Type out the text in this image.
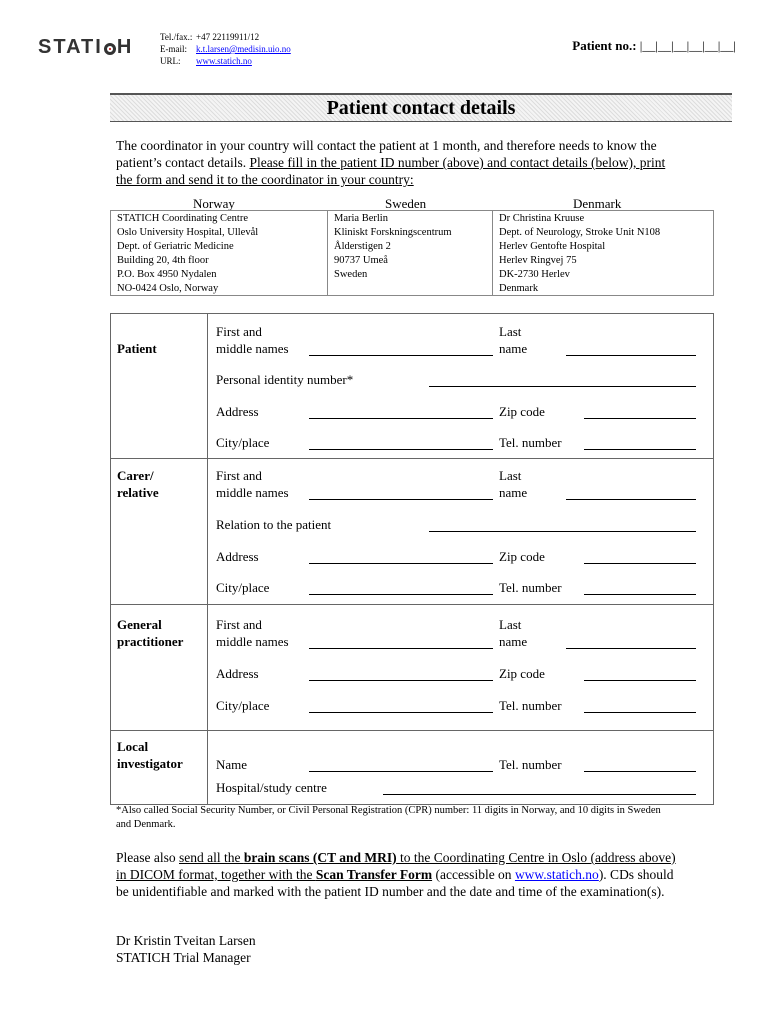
STATI H	Tel./fax.: +47 22119911/12
E-mail: k.t.larsen@medisin.uio.no
URL: www.statich.no
Patient no.: |__|__|__|__|__|__|
Patient contact details
The coordinator in your country will contact the patient at 1 month, and therefore needs to know the patient’s contact details. Please fill in the patient ID number (above) and contact details (below), print the form and send it to the coordinator in your country:
Norway	Sweden	Denmark
STATICH Coordinating Centre
Oslo University Hospital, Ullevål
Dept. of Geriatric Medicine
Building 20, 4th floor
P.O. Box 4950 Nydalen
NO-0424 Oslo, Norway
Maria Berlin
Kliniskt Forskningscentrum
Ålderstigen 2
90737 Umeå
Sweden
Dr Christina Kruuse
Dept. of Neurology, Stroke Unit N108
Herlev Gentofte Hospital
Herlev Ringvej 75
DK-2730 Herlev
Denmark
Patient
First and
middle names
Last
name
Personal identity number*
Address	Zip code
City/place	Tel. number
Carer/
relative
First and
middle names
Last
name
Relation to the patient
Address	Zip code
City/place	Tel. number
General
practitioner
First and
middle names
Last
name
Address	Zip code
City/place	Tel. number
Local
investigator	Name	Tel. number
Hospital/study centre
*Also called Social Security Number, or Civil Personal Registration (CPR) number: 11 digits in Norway, and 10 digits in Sweden and Denmark.
Please also send all the brain scans (CT and MRI) to the Coordinating Centre in Oslo (address above) in DICOM format, together with the Scan Transfer Form (accessible on www.statich.no). CDs should be unidentifiable and marked with the patient ID number and the date and time of the examination(s).
Dr Kristin Tveitan Larsen
STATICH Trial Manager
